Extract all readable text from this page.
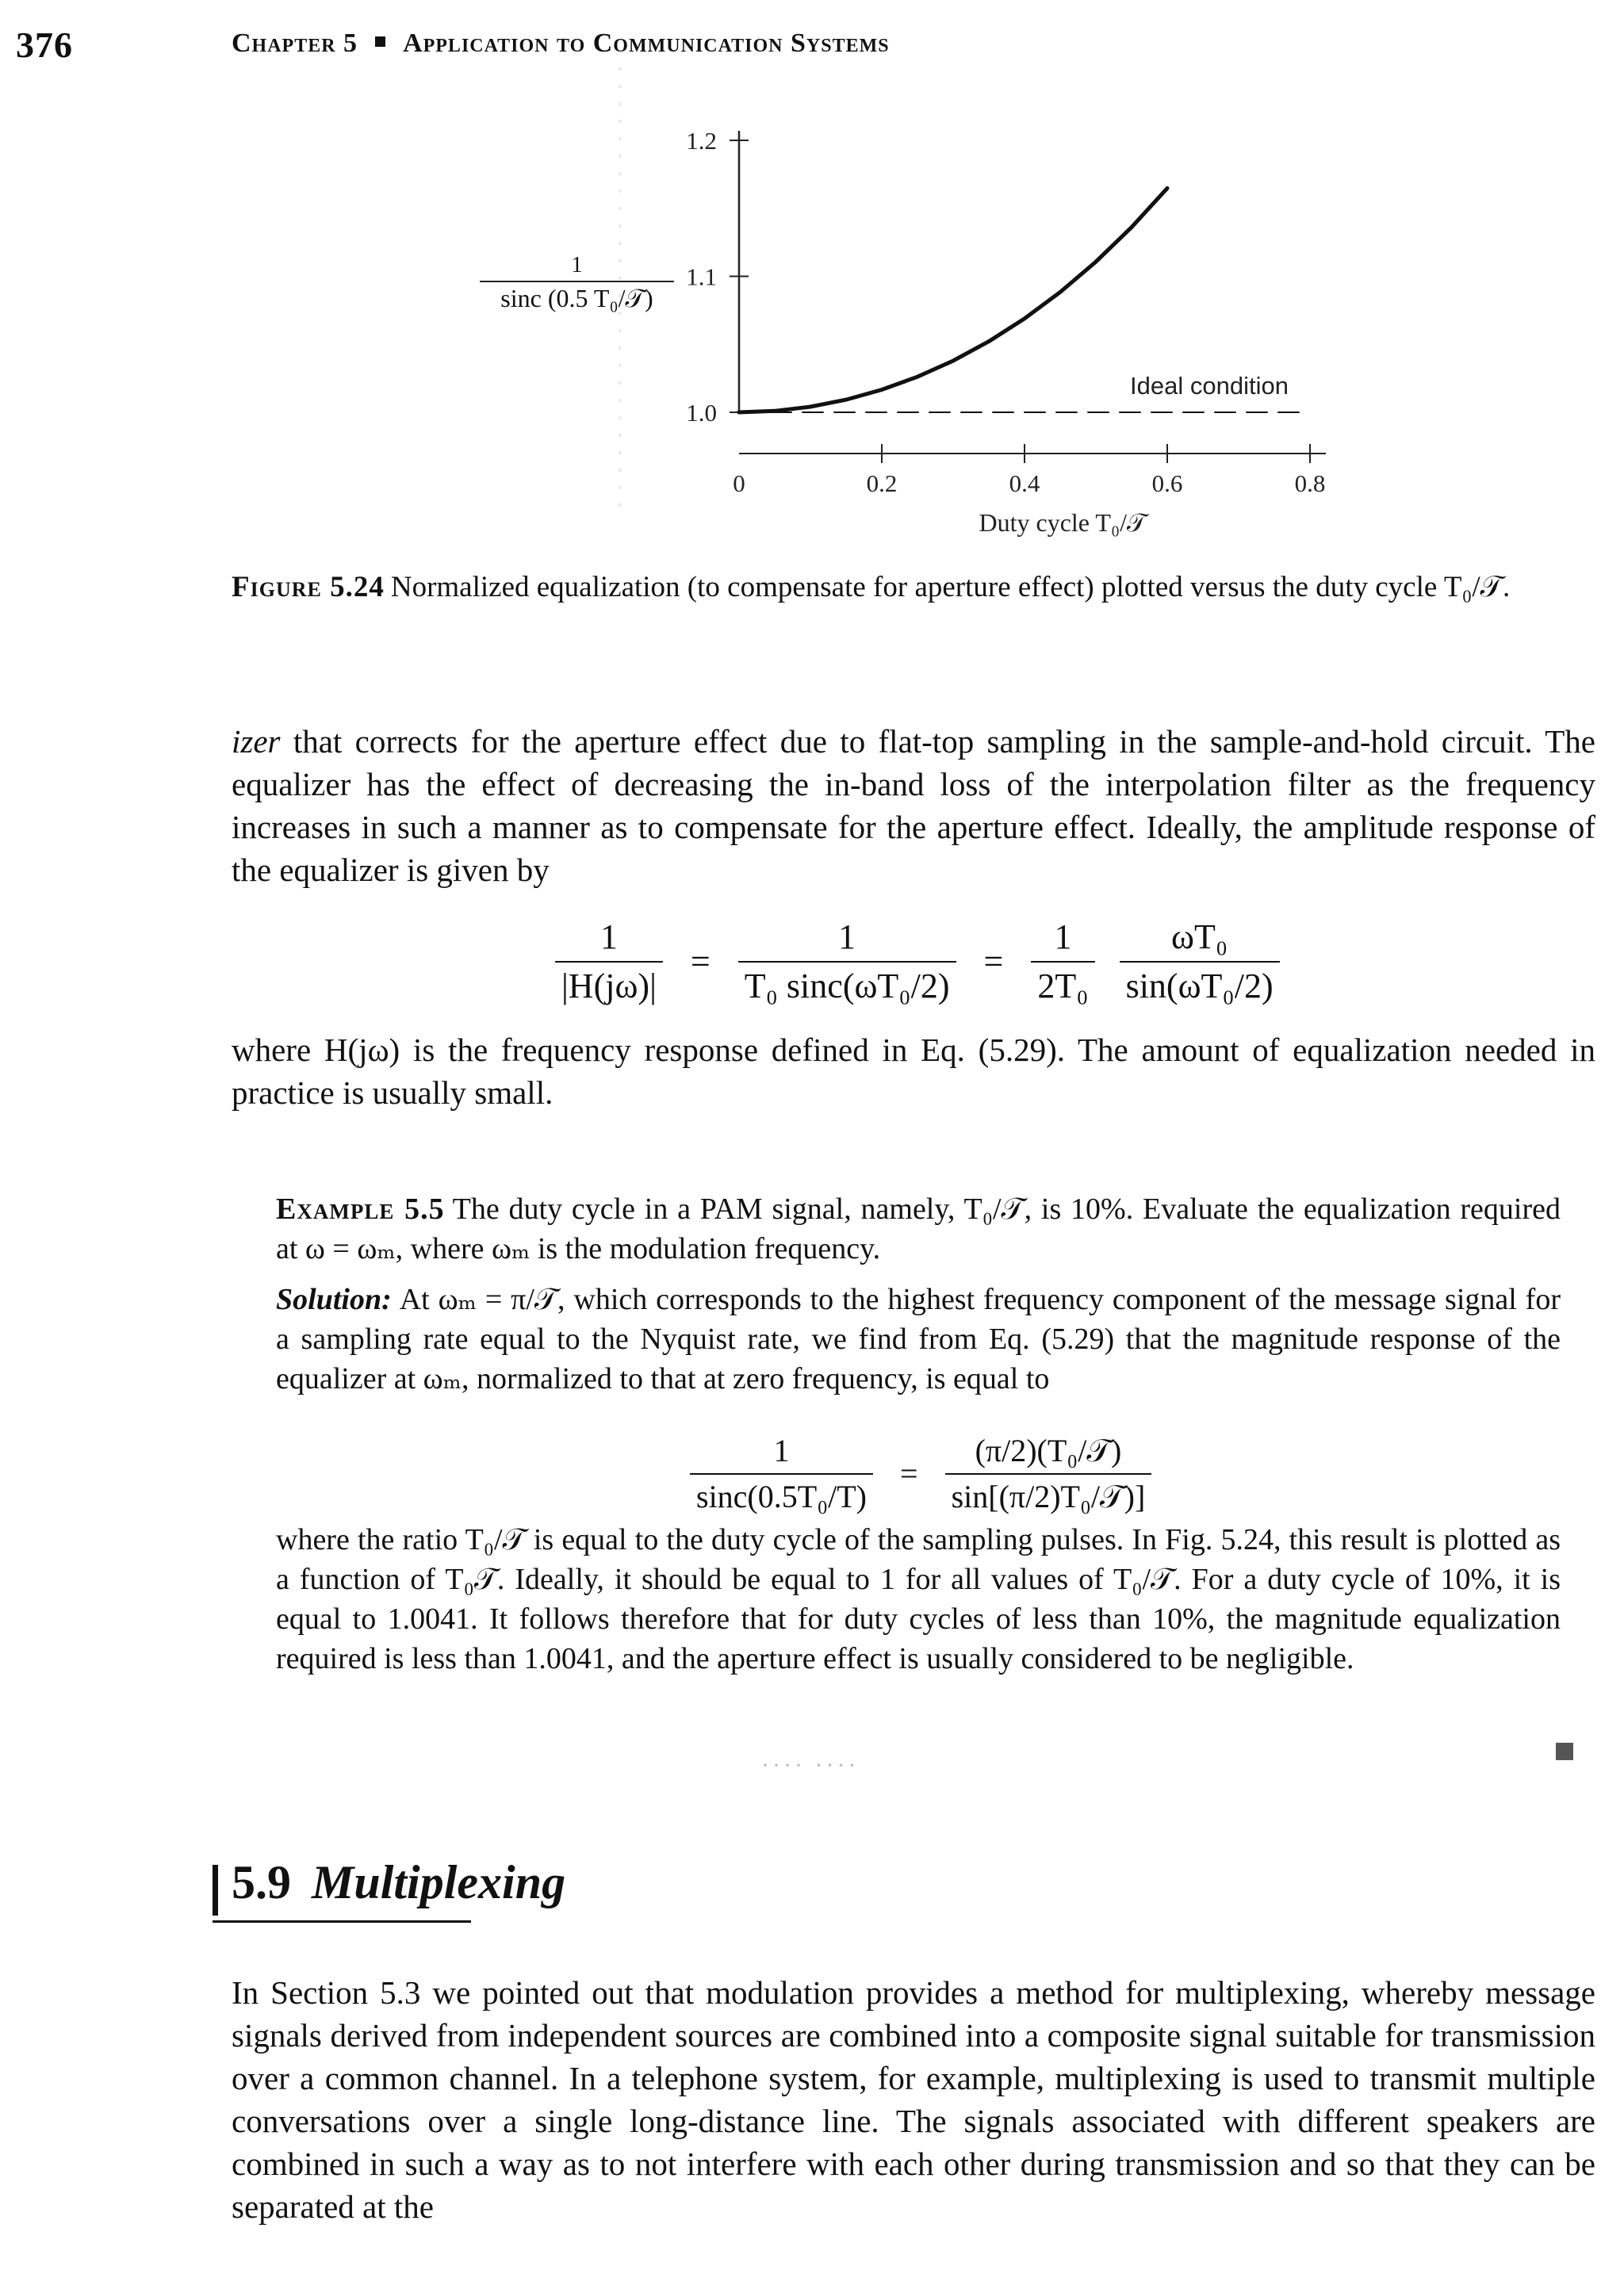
376	Chapter 5 Application to Communication Systems
1.0
1.1
1.2
0	0.2	0.4	0.6	0.8
Duty cycle T₀/𝒯
Ideal condition
1
sinc (0.5 T₀/𝒯)
Figure 5.24 Normalized equalization (to compensate for aperture effect) plotted versus the duty cycle T₀/𝒯.
izer that corrects for the aperture effect due to flat-top sampling in the sample-and-hold circuit. The equalizer has the effect of decreasing the in-band loss of the interpolation filter as the frequency increases in such a manner as to compensate for the aperture effect. Ideally, the amplitude response of the equalizer is given by
$\frac{1}{|H(j\omega)|} = \frac{1}{\text{T₀ sinc(ωT₀/2)}} = \frac{1}{\text{2T₀}}$
$\frac{\text{ωT₀}}{\text{sin(ωT₀/2)}}$
where H(jω) is the frequency response defined in Eq. (5.29). The amount of equalization needed in practice is usually small.
Example 5.5 The duty cycle in a PAM signal, namely, T₀/𝒯, is 10%. Evaluate the equalization required at ω = ωₘ, where ωₘ is the modulation frequency.
Solution: At ωₘ = π/𝒯, which corresponds to the highest frequency component of the message signal for a sampling rate equal to the Nyquist rate, we find from Eq. (5.29) that the magnitude response of the equalizer at ωₘ, normalized to that at zero frequency, is equal to
$\frac{1}{\text{sinc(0.5T₀/T)}} = \frac{\text{(π/2)(T₀/𝒯)}}{\text{sin[(π/2)T₀/𝒯)]}}$
where the ratio T₀/𝒯 is equal to the duty cycle of the sampling pulses. In Fig. 5.24, this result is plotted as a function of T₀𝒯. Ideally, it should be equal to 1 for all values of T₀/𝒯. For a duty cycle of 10%, it is equal to 1.0041. It follows therefore that for duty cycles of less than 10%, the magnitude equalization required is less than 1.0041, and the aperture effect is usually considered to be negligible.
···· ····
5.9 Multiplexing
In Section 5.3 we pointed out that modulation provides a method for multiplexing, whereby message signals derived from independent sources are combined into a composite signal suitable for transmission over a common channel. In a telephone system, for example, multiplexing is used to transmit multiple conversations over a single long-distance line. The signals associated with different speakers are combined in such a way as to not interfere with each other during transmission and so that they can be separated at the
